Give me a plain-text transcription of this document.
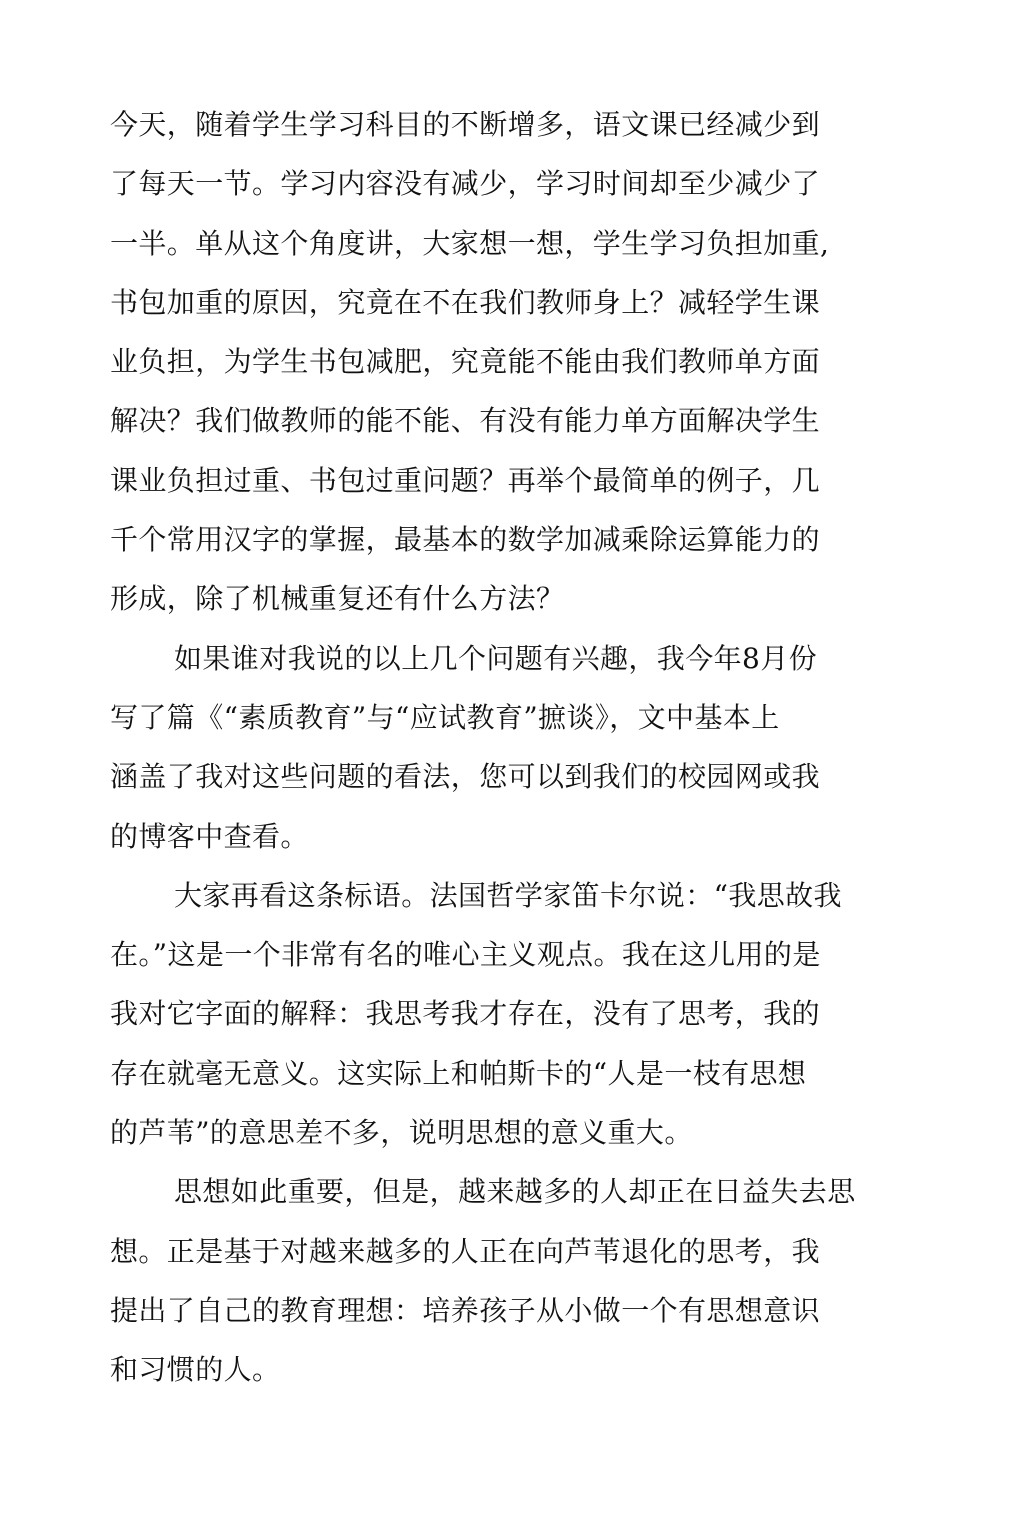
今天，随着学生学习科目的不断增多，语文课已经减少到
了每天一节。学习内容没有减少，学习时间却至少减少了
一半。单从这个角度讲，大家想一想，学生学习负担加重,
书包加重的原因，究竟在不在我们教师身上？减轻学生课
业负担，为学生书包减肥，究竟能不能由我们教师单方面
解决？我们做教师的能不能、有没有能力单方面解决学生
课业负担过重、书包过重问题？再举个最简单的例子，几
千个常用汉字的掌握，最基本的数学加减乘除运算能力的
形成，除了机械重复还有什么方法？
如果谁对我说的以上几个问题有兴趣，我今年8月份
写了篇《“素质教育”与“应试教育”摭谈》，文中基本上
涵盖了我对这些问题的看法，您可以到我们的校园网或我
的博客中查看。
大家再看这条标语。法国哲学家笛卡尔说：“我思故我
在。”这是一个非常有名的唯心主义观点。我在这儿用的是
我对它字面的解释：我思考我才存在，没有了思考，我的
存在就毫无意义。这实际上和帕斯卡的“人是一枝有思想
的芦苇”的意思差不多，说明思想的意义重大。
思想如此重要，但是，越来越多的人却正在日益失去思
想。正是基于对越来越多的人正在向芦苇退化的思考，我
提出了自己的教育理想：培养孩子从小做一个有思想意识
和习惯的人。
